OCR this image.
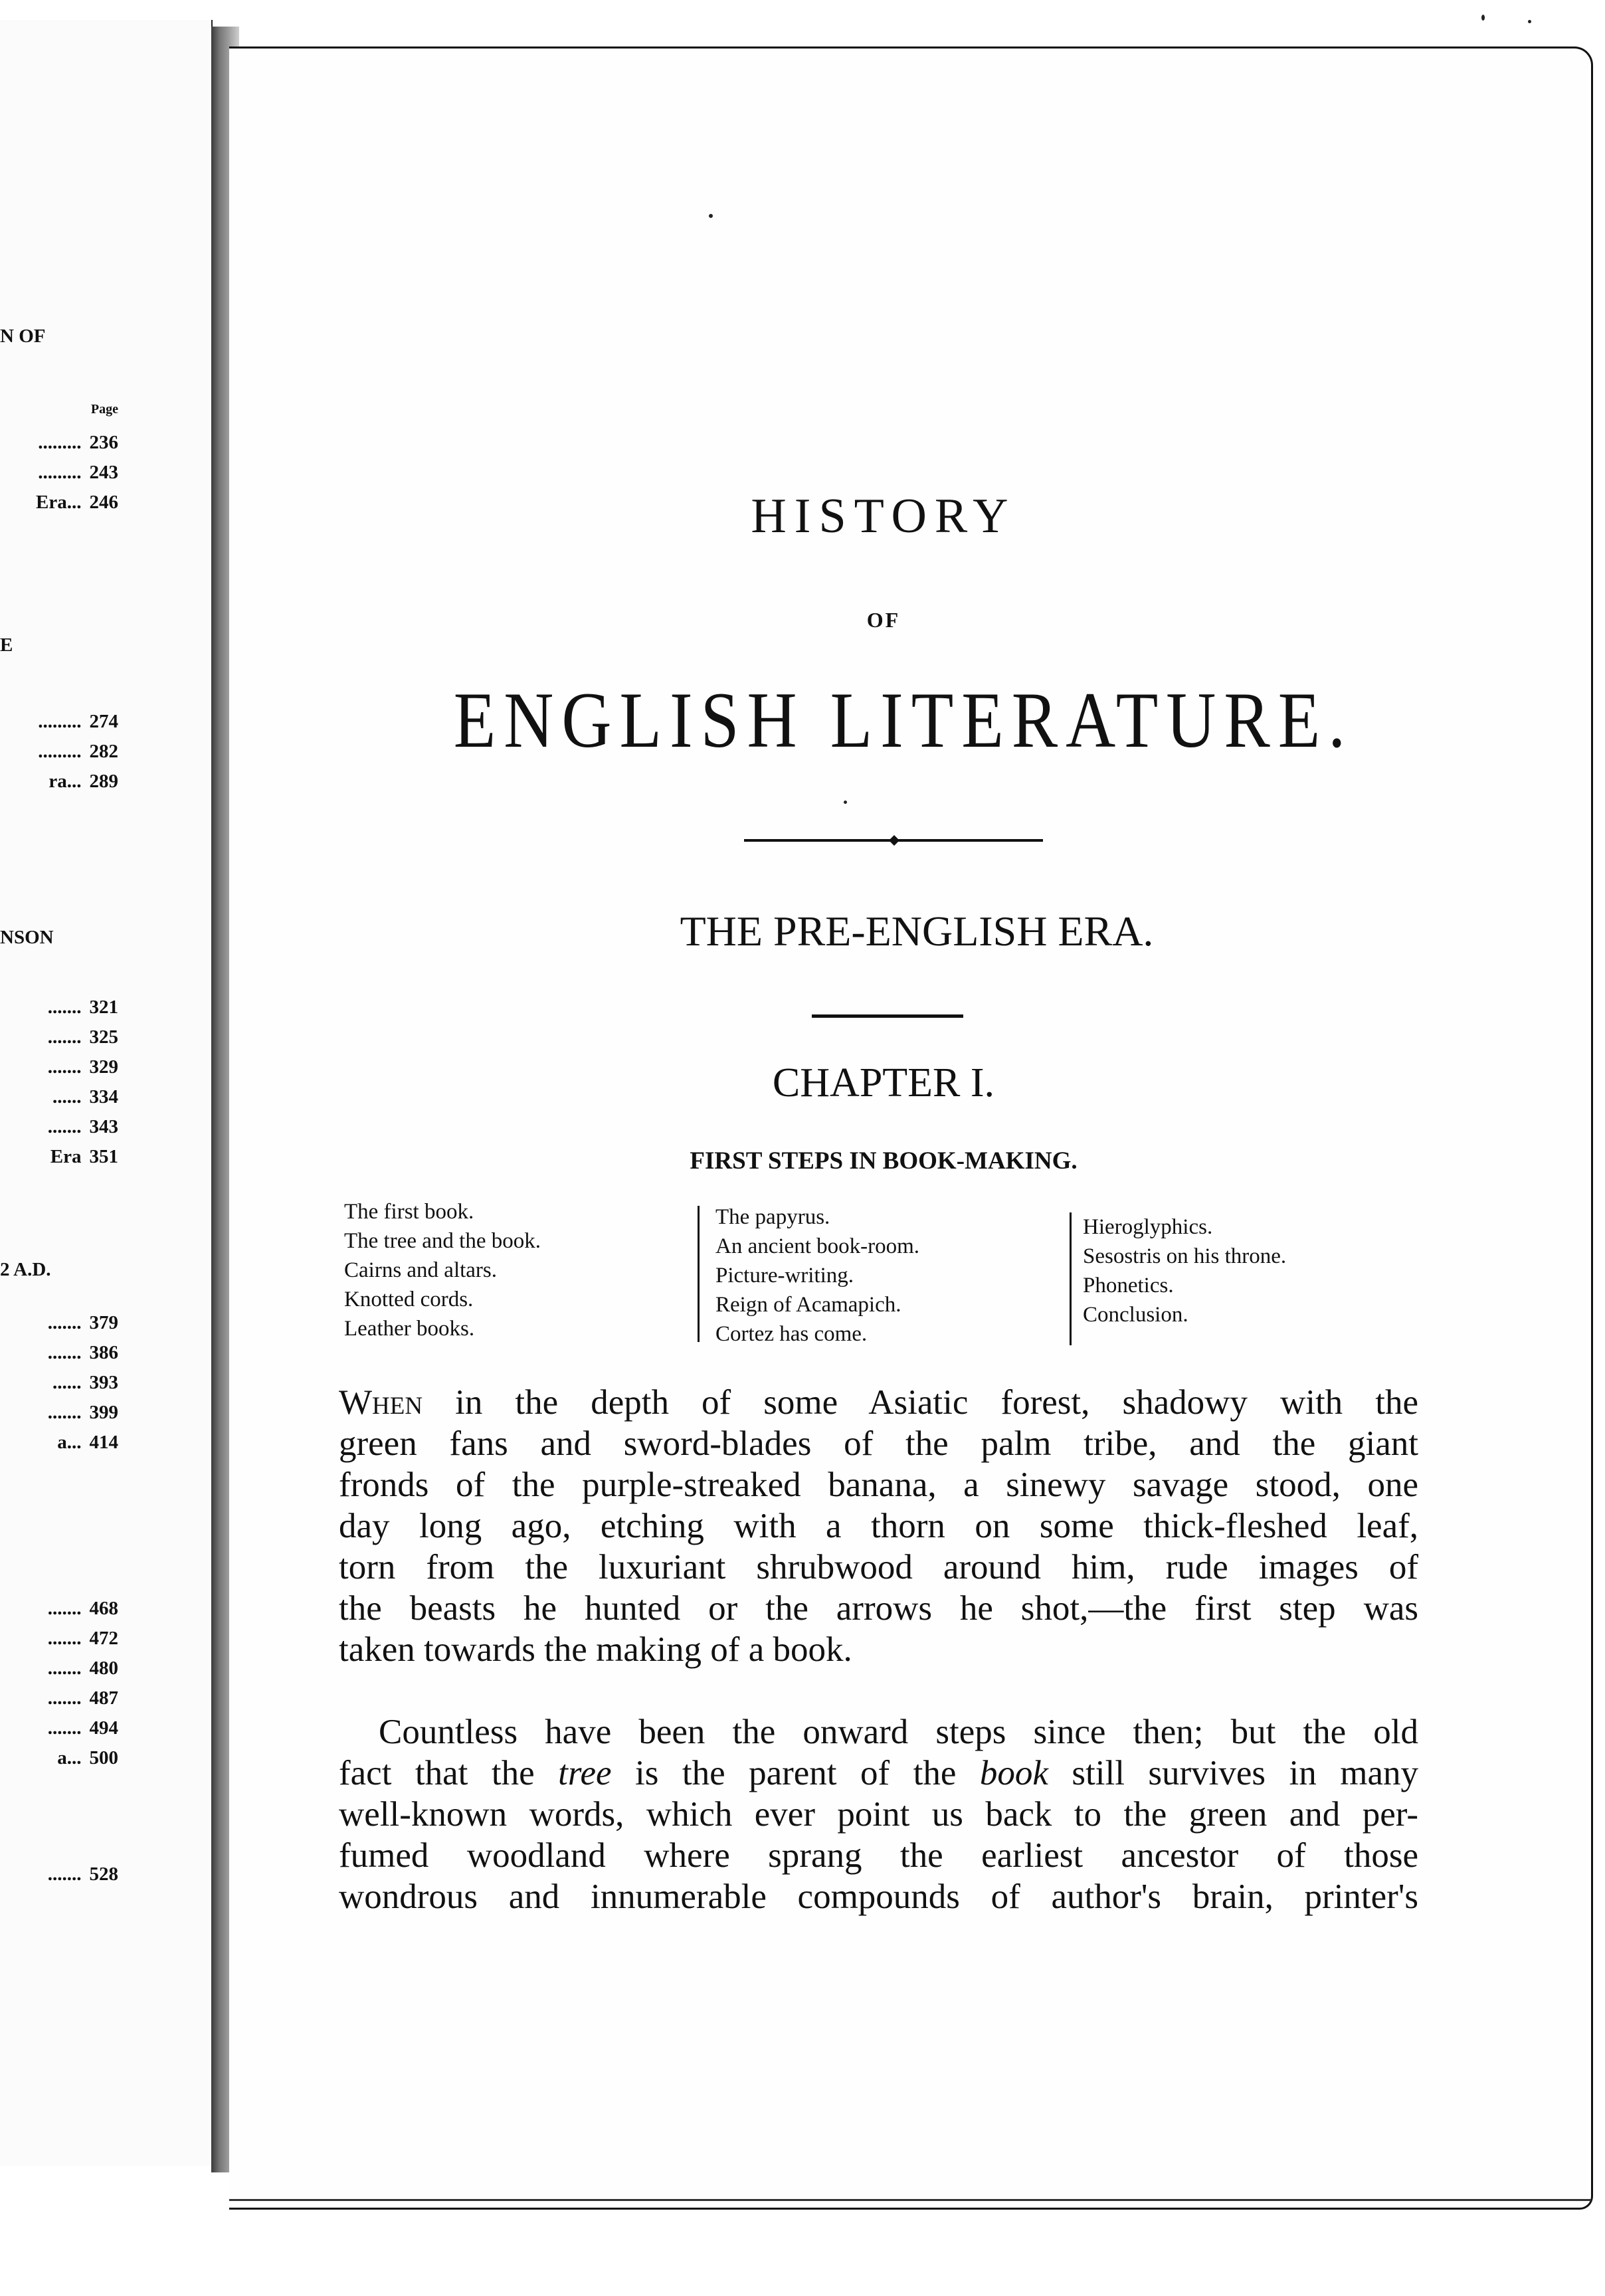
N OF
Page
......... 236
......... 243
Era... 246
E
......... 274
......... 282
ra... 289
NSON
....... 321
....... 325
....... 329
...... 334
....... 343
Era 351
2 A.D.
....... 379
....... 386
...... 393
....... 399
a... 414
....... 468
....... 472
....... 480
....... 487
....... 494
a... 500
....... 528
HISTORY
OF
ENGLISH LITERATURE.
THE PRE-ENGLISH ERA.
CHAPTER I.
FIRST STEPS IN BOOK-MAKING.
The first book.
The tree and the book.
Cairns and altars.
Knotted cords.
Leather books.
The papyrus.
An ancient book-room.
Picture-writing.
Reign of Acamapich.
Cortez has come.
Hieroglyphics.
Sesostris on his throne.
Phonetics.
Conclusion.
When in the depth of some Asiatic forest, shadowy with the
green fans and sword-blades of the palm tribe, and the giant
fronds of the purple-streaked banana, a sinewy savage stood, one
day long ago, etching with a thorn on some thick-fleshed leaf,
torn from the luxuriant shrubwood around him, rude images of
the beasts he hunted or the arrows he shot,—the first step was
taken towards the making of a book.
Countless have been the onward steps since then; but the old
fact that the tree is the parent of the book still survives in many
well-known words, which ever point us back to the green and per-
fumed woodland where sprang the earliest ancestor of those
wondrous and innumerable compounds of author's brain, printer's
